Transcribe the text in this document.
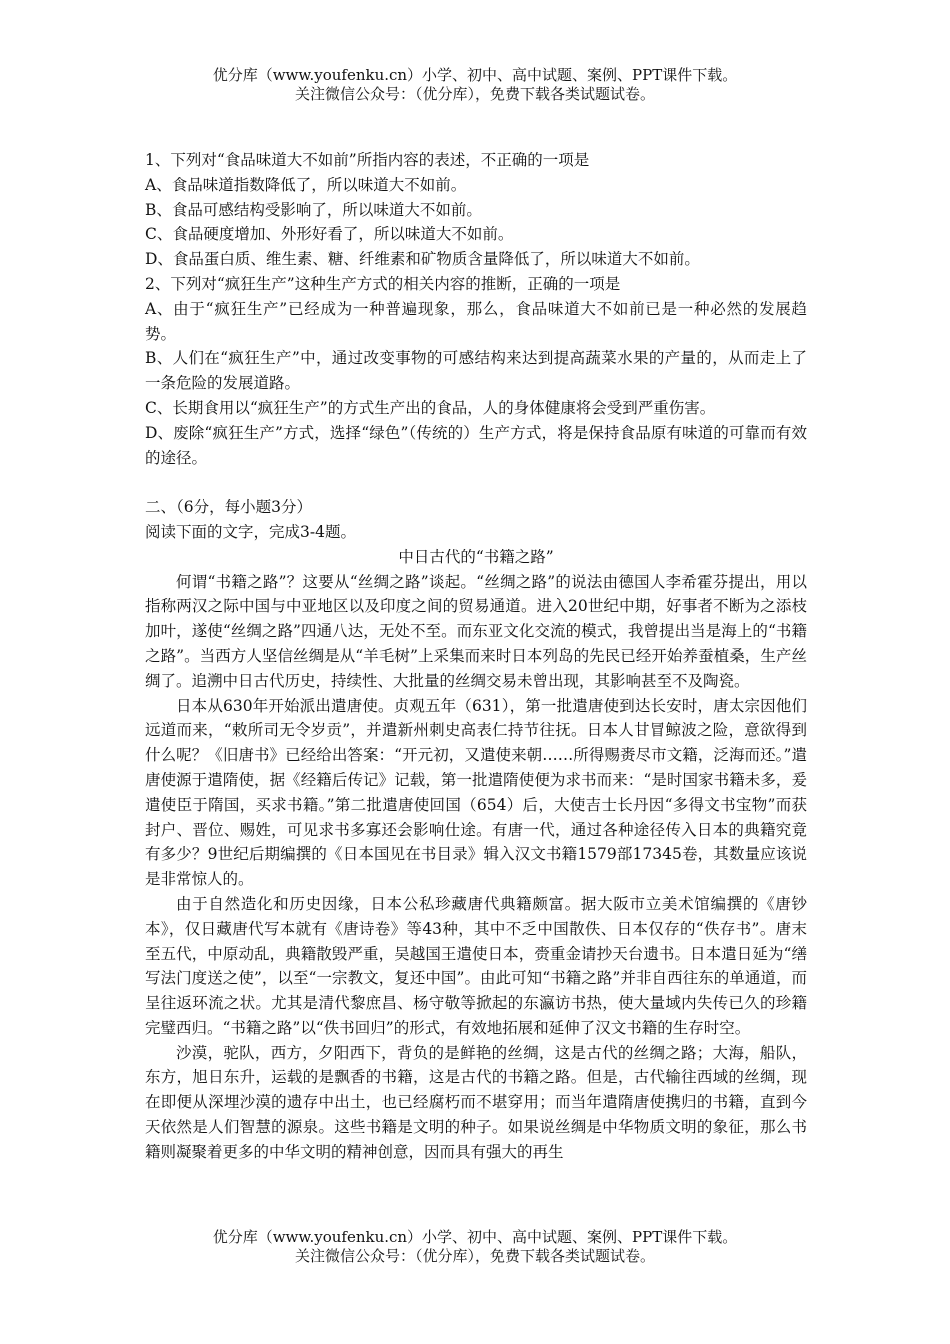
优分库（www.youfenku.cn）小学、初中、高中试题、案例、PPT课件下载。
关注微信公众号：（优分库），免费下载各类试题试卷。

1、下列对“食品味道大不如前”所指内容的表述，不正确的一项是

A、食品味道指数降低了，所以味道大不如前。

B、食品可感结构受影响了，所以味道大不如前。

C、食品硬度增加、外形好看了，所以味道大不如前。

D、食品蛋白质、维生素、糖、纤维素和矿物质含量降低了，所以味道大不如前。

2、下列对“疯狂生产”这种生产方式的相关内容的推断，正确的一项是

A、由于“疯狂生产”已经成为一种普遍现象，那么，食品味道大不如前已是一种必然的发展趋势。

B、人们在“疯狂生产”中，通过改变事物的可感结构来达到提高蔬菜水果的产量的，从而走上了一条危险的发展道路。

C、长期食用以“疯狂生产”的方式生产出的食品，人的身体健康将会受到严重伤害。

D、废除“疯狂生产”方式，选择“绿色”（传统的）生产方式，将是保持食品原有味道的可靠而有效的途径。

二、（6分，每小题3分）

阅读下面的文字，完成3-4题。

中日古代的“书籍之路”

何谓“书籍之路”？这要从“丝绸之路”谈起。“丝绸之路”的说法由德国人李希霍芬提出，用以指称两汉之际中国与中亚地区以及印度之间的贸易通道。进入20世纪中期，好事者不断为之添枝加叶，遂使“丝绸之路”四通八达，无处不至。而东亚文化交流的模式，我曾提出当是海上的“书籍之路”。当西方人坚信丝绸是从“羊毛树”上采集而来时日本列岛的先民已经开始养蚕植桑，生产丝绸了。追溯中日古代历史，持续性、大批量的丝绸交易未曾出现，其影响甚至不及陶瓷。

日本从630年开始派出遣唐使。贞观五年（631），第一批遣唐使到达长安时，唐太宗因他们远道而来，“敕所司无令岁贡”，并遣新州刺史高表仁持节往抚。日本人甘冒鲸波之险，意欲得到什么呢？《旧唐书》已经给出答案：“开元初，又遣使来朝……所得赐赉尽市文籍，泛海而还。”遣唐使源于遣隋使，据《经籍后传记》记载，第一批遣隋使便为求书而来：“是时国家书籍未多，爰遣使臣于隋国，买求书籍。”第二批遣唐使回国（654）后，大使吉士长丹因“多得文书宝物”而获封户、晋位、赐姓，可见求书多寡还会影响仕途。有唐一代，通过各种途径传入日本的典籍究竟有多少？9世纪后期编撰的《日本国见在书目录》辑入汉文书籍1579部17345卷，其数量应该说是非常惊人的。

由于自然造化和历史因缘，日本公私珍藏唐代典籍颇富。据大阪市立美术馆编撰的《唐钞本》，仅日藏唐代写本就有《唐诗卷》等43种，其中不乏中国散佚、日本仅存的“佚存书”。唐末至五代，中原动乱，典籍散毁严重，吴越国王遣使日本，赍重金请抄天台遗书。日本遣日延为“缮写法门度送之使”，以至“一宗教文，复还中国”。由此可知“书籍之路”并非自西往东的单通道，而呈往返环流之状。尤其是清代黎庶昌、杨守敬等掀起的东瀛访书热，使大量域内失传已久的珍籍完璧西归。“书籍之路”以“佚书回归”的形式，有效地拓展和延伸了汉文书籍的生存时空。

沙漠，驼队，西方，夕阳西下，背负的是鲜艳的丝绸，这是古代的丝绸之路；大海，船队，东方，旭日东升，运载的是飘香的书籍，这是古代的书籍之路。但是，古代输往西域的丝绸，现在即便从深埋沙漠的遗存中出土，也已经腐朽而不堪穿用；而当年遣隋唐使携归的书籍，直到今天依然是人们智慧的源泉。这些书籍是文明的种子。如果说丝绸是中华物质文明的象征，那么书籍则凝聚着更多的中华文明的精神创意，因而具有强大的再生

优分库（www.youfenku.cn）小学、初中、高中试题、案例、PPT课件下载。
关注微信公众号：（优分库），免费下载各类试题试卷。
